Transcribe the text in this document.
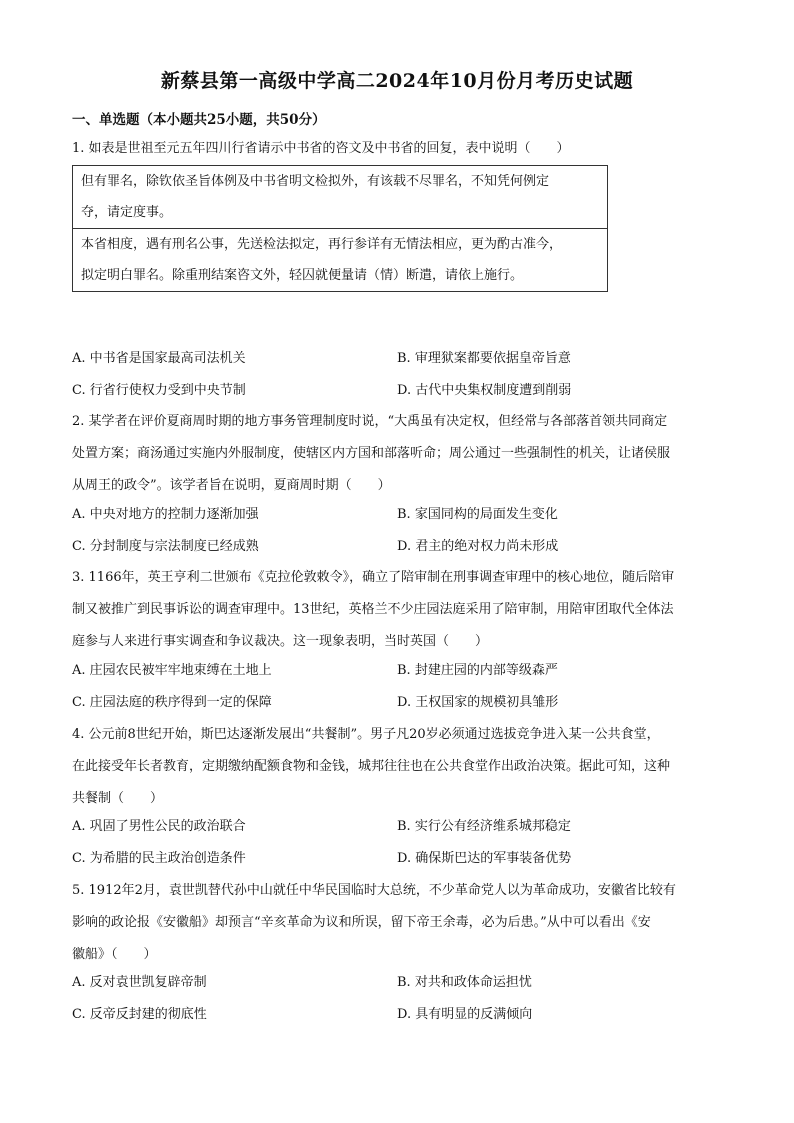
新蔡县第一高级中学高二2024年10月份月考历史试题
一、单选题（本小题共25小题，共50分）
1. 如表是世祖至元五年四川行省请示中书省的咨文及中书省的回复，表中说明（　　）

但有罪名，除钦依圣旨体例及中书省明文检拟外，有该载不尽罪名，不知凭何例定

夺，请定度事。

本省相度，遇有刑名公事，先送检法拟定，再行参详有无情法相应，更为酌古准今，

拟定明白罪名。除重刑结案咨文外，轻囚就便量请（情）断遣，请依上施行。

A. 中书省是国家最高司法机关	B. 审理狱案都要依据皇帝旨意
C. 行省行使权力受到中央节制	D. 古代中央集权制度遭到削弱

2. 某学者在评价夏商周时期的地方事务管理制度时说，“大禹虽有决定权，但经常与各部落首领共同商定

处置方案；商汤通过实施内外服制度，使辖区内方国和部落听命；周公通过一些强制性的机关，让诸侯服

从周王的政令”。该学者旨在说明，夏商周时期（　　）

A. 中央对地方的控制力逐渐加强	B. 家国同构的局面发生变化
C. 分封制度与宗法制度已经成熟	D. 君主的绝对权力尚未形成

3. 1166年，英王亨利二世颁布《克拉伦敦敕令》，确立了陪审制在刑事调查审理中的核心地位，随后陪审

制又被推广到民事诉讼的调查审理中。13世纪，英格兰不少庄园法庭采用了陪审制，用陪审团取代全体法

庭参与人来进行事实调查和争议裁决。这一现象表明，当时英国（　　）

A. 庄园农民被牢牢地束缚在土地上	B. 封建庄园的内部等级森严
C. 庄园法庭的秩序得到一定的保障	D. 王权国家的规模初具雏形

4. 公元前8世纪开始，斯巴达逐渐发展出“共餐制”。男子凡20岁必须通过选拔竞争进入某一公共食堂，

在此接受年长者教育，定期缴纳配额食物和金钱，城邦往往也在公共食堂作出政治决策。据此可知，这种

共餐制（　　）

A. 巩固了男性公民的政治联合	B. 实行公有经济维系城邦稳定
C. 为希腊的民主政治创造条件	D. 确保斯巴达的军事装备优势

5. 1912年2月，袁世凯替代孙中山就任中华民国临时大总统，不少革命党人以为革命成功，安徽省比较有

影响的政论报《安徽船》却预言“辛亥革命为议和所误，留下帝王余毒，必为后患。”从中可以看出《安

徽船》（　　）

A. 反对袁世凯复辟帝制	B. 对共和政体命运担忧
C. 反帝反封建的彻底性	D. 具有明显的反满倾向
